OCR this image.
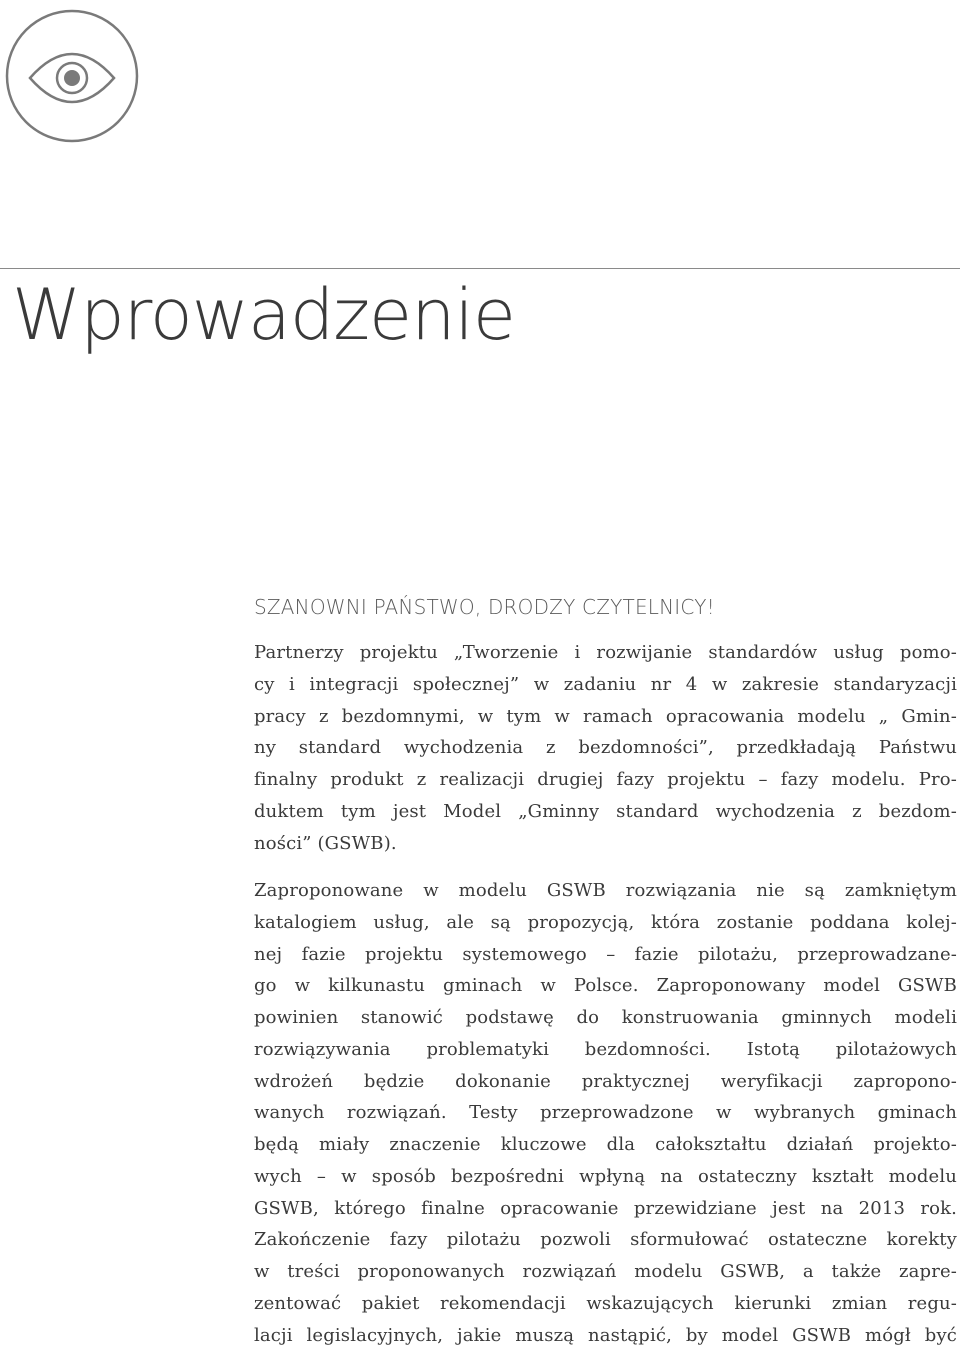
Wprowadzenie
SZANOWNI PAŃSTWO, DRODZY CZYTELNICY!
Partnerzy projektu „Tworzenie i rozwijanie standardów usług pomo-
cy i integracji społecznej” w zadaniu nr 4 w zakresie standaryzacji
pracy z bezdomnymi, w tym w ramach opracowania modelu „ Gmin-
ny standard wychodzenia z bezdomności”, przedkładają Państwu
finalny produkt z realizacji drugiej fazy projektu – fazy modelu. Pro-
duktem tym jest Model „Gminny standard wychodzenia z bezdom-
ności” (GSWB).
Zaproponowane w modelu GSWB rozwiązania nie są zamkniętym
katalogiem usług, ale są propozycją, która zostanie poddana kolej-
nej fazie projektu systemowego – fazie pilotażu, przeprowadzane-
go w kilkunastu gminach w Polsce. Zaproponowany model GSWB
powinien stanowić podstawę do konstruowania gminnych modeli
rozwiązywania problematyki bezdomności. Istotą pilotażowych
wdrożeń będzie dokonanie praktycznej weryfikacji zapropono-
wanych rozwiązań. Testy przeprowadzone w wybranych gminach
będą miały znaczenie kluczowe dla całokształtu działań projekto-
wych – w sposób bezpośredni wpłyną na ostateczny kształt modelu
GSWB, którego finalne opracowanie przewidziane jest na 2013 rok.
Zakończenie fazy pilotażu pozwoli sformułować ostateczne korekty
w treści proponowanych rozwiązań modelu GSWB, a także zapre-
zentować pakiet rekomendacji wskazujących kierunki zmian regu-
lacji legislacyjnych, jakie muszą nastąpić, by model GSWB mógł być
